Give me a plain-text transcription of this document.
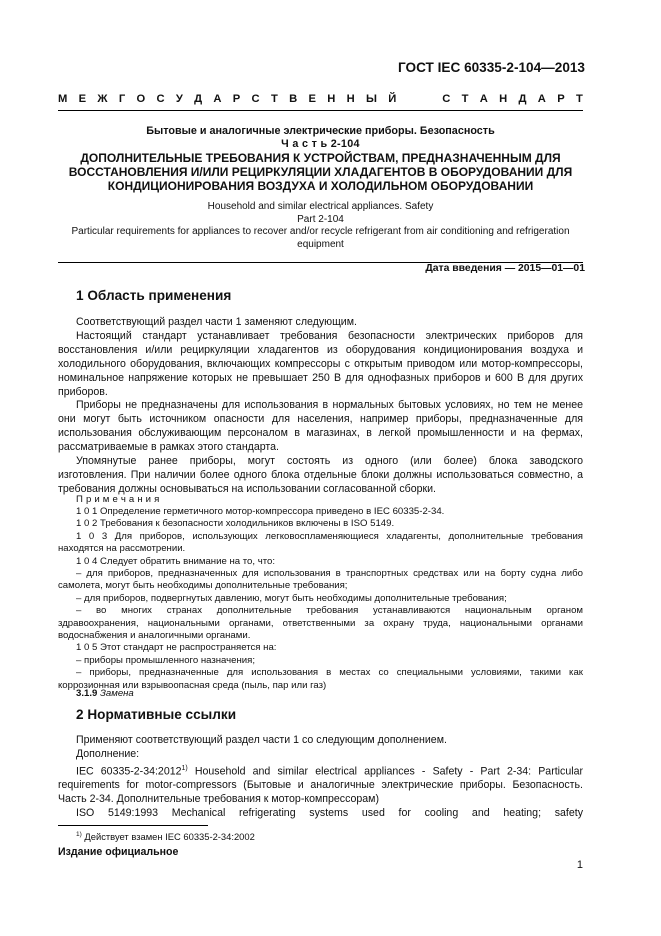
ГОСТ IEC 60335-2-104—2013
М Е Ж Г О С У Д А Р С Т В Е Н Н Ы Й	С Т А Н Д А Р Т
Бытовые и аналогичные электрические приборы. Безопасность
Ч а с т ь 2-104
ДОПОЛНИТЕЛЬНЫЕ ТРЕБОВАНИЯ К УСТРОЙСТВАМ, ПРЕДНАЗНАЧЕННЫМ ДЛЯ
ВОССТАНОВЛЕНИЯ И/ИЛИ РЕЦИРКУЛЯЦИИ ХЛАДАГЕНТОВ В ОБОРУДОВАНИИ ДЛЯ
КОНДИЦИОНИРОВАНИЯ ВОЗДУХА И ХОЛОДИЛЬНОМ ОБОРУДОВАНИИ
Household and similar electrical appliances. Safety
Part 2-104
Particular requirements for appliances to recover and/or recycle refrigerant from air conditioning and refrigeration
equipment
Дата введения — 2015—01—01
1 Область применения
Соответствующий раздел части 1 заменяют следующим.
Настоящий стандарт устанавливает требования безопасности электрических приборов для
восстановления и/или рециркуляции хладагентов из оборудования кондиционирования воздуха и
холодильного оборудования, включающих компрессоры с открытым приводом или мотор-компрессоры,
номинальное напряжение которых не превышает 250 В для однофазных приборов и 600 В для других
приборов.
Приборы не предназначены для использования в нормальных бытовых условиях, но тем не менее
они могут быть источником опасности для населения, например приборы, предназначенные для
использования обслуживающим персоналом в магазинах, в легкой промышленности и на фермах,
рассматриваемые в рамках этого стандарта.
Упомянутые ранее приборы, могут состоять из одного (или более) блока заводского
изготовления. При наличии более одного блока отдельные блоки должны использоваться совместно, а
требования должны основываться на использовании согласованной сборки.
П р и м е ч а н и я
1 0 1 Определение герметичного мотор-компрессора приведено в IEC 60335-2-34.
1 0 2 Требования к безопасности холодильников включены в ISO 5149.
1 0 3 Для приборов, использующих легковоспламеняющиеся хладагенты, дополнительные требования
находятся на рассмотрении.
1 0 4 Следует обратить внимание на то, что:
– для приборов, предназначенных для использования в транспортных средствах или на борту судна либо
самолета, могут быть необходимы дополнительные требования;
– для приборов, подвергнутых давлению, могут быть необходимы дополнительные требования;
– во многих странах дополнительные требования устанавливаются национальным органом
здравоохранения, национальными органами, ответственными за охрану труда, национальными органами
водоснабжения и аналогичными органами.
1 0 5 Этот стандарт не распространяется на:
– приборы промышленного назначения;
– приборы, предназначенные для использования в местах со специальными условиями, такими как
коррозионная или взрывоопасная среда (пыль, пар или газ)
3.1.9 Замена
2 Нормативные ссылки
Применяют соответствующий раздел части 1 со следующим дополнением.
Дополнение:
IEC 60335-2-34:2012$^{1)}$ Household and similar electrical appliances - Safety - Part 2-34: Particular
requirements for motor-compressors (Бытовые и аналогичные электрические приборы. Безопасность.
Часть 2-34. Дополнительные требования к мотор-компрессорам)
ISO 5149:1993 Mechanical refrigerating systems used for cooling and heating; safety
$^{1)}$ Действует взамен IEC 60335-2-34:2002
Издание официальное
1
